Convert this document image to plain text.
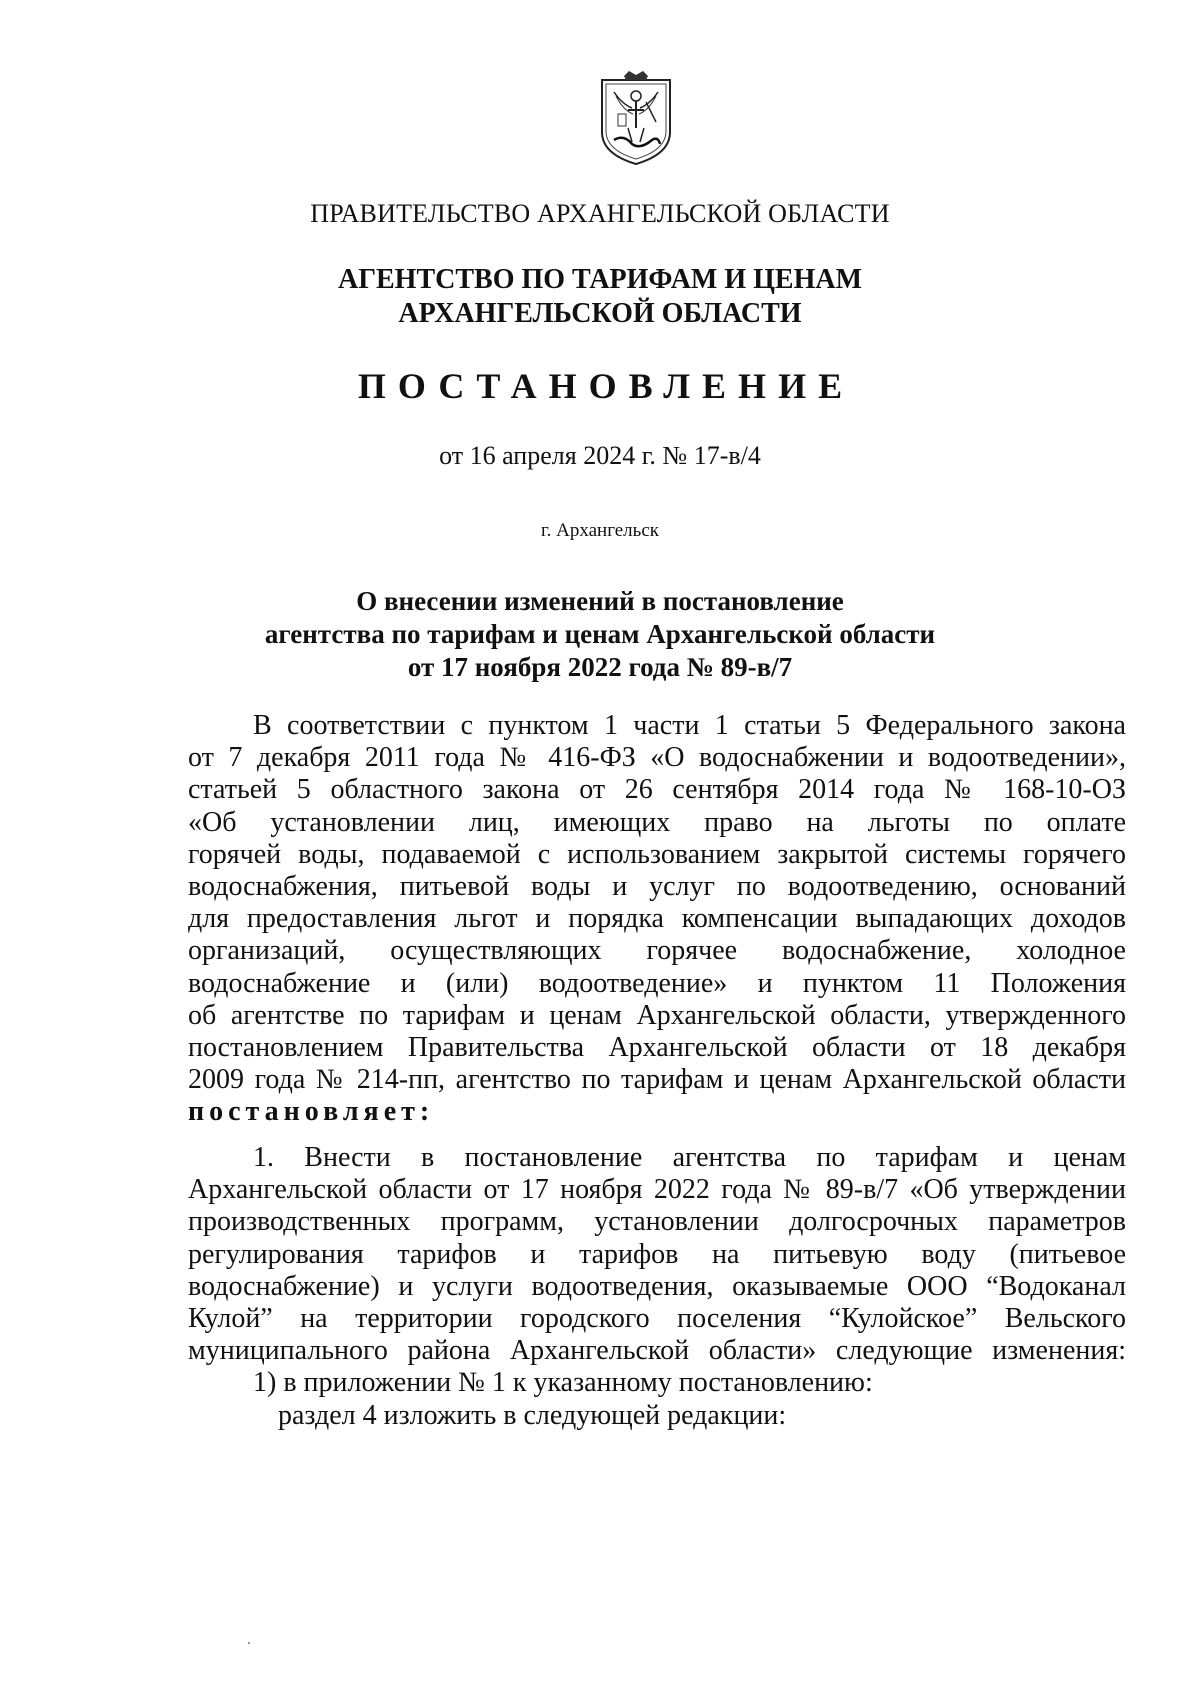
ПРАВИТЕЛЬСТВО АРХАНГЕЛЬСКОЙ ОБЛАСТИ
АГЕНТСТВО ПО ТАРИФАМ И ЦЕНАМ
АРХАНГЕЛЬСКОЙ ОБЛАСТИ
ПОСТАНОВЛЕНИЕ
от 16 апреля 2024 г. № 17-в/4
г. Архангельск
О внесении изменений в постановление
агентства по тарифам и ценам Архангельской области
от 17 ноября 2022 года № 89-в/7
В соответствии с пунктом 1 части 1 статьи 5 Федерального закона
от 7 декабря 2011 года № 416-ФЗ «О водоснабжении и водоотведении»,
статьей 5 областного закона от 26 сентября 2014 года № 168-10-ОЗ
«Об установлении лиц, имеющих право на льготы по оплате
горячей воды, подаваемой с использованием закрытой системы горячего
водоснабжения, питьевой воды и услуг по водоотведению, оснований
для предоставления льгот и порядка компенсации выпадающих доходов
организаций, осуществляющих горячее водоснабжение, холодное
водоснабжение и (или) водоотведение» и пунктом 11 Положения
об агентстве по тарифам и ценам Архангельской области, утвержденного
постановлением Правительства Архангельской области от 18 декабря
2009 года № 214-пп, агентство по тарифам и ценам Архангельской области
постановляет:
1. Внести в постановление агентства по тарифам и ценам
Архангельской области от 17 ноября 2022 года № 89-в/7 «Об утверждении
производственных программ, установлении долгосрочных параметров
регулирования тарифов и тарифов на питьевую воду (питьевое
водоснабжение) и услуги водоотведения, оказываемые ООО “Водоканал
Кулой” на территории городского поселения “Кулойское” Вельского
муниципального района Архангельской области» следующие изменения:
1) в приложении № 1 к указанному постановлению:
раздел 4 изложить в следующей редакции:
